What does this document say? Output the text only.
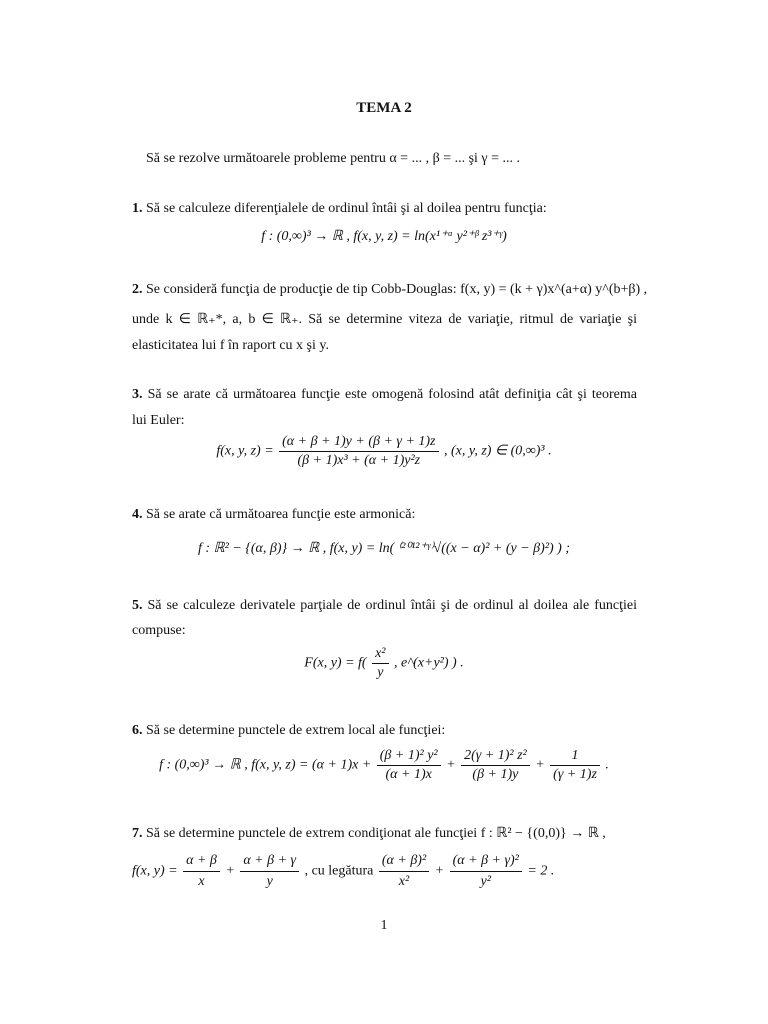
TEMA 2
Să se rezolve următoarele probleme pentru α = ... , β = ... şi γ = ... .
1. Să se calculeze diferenţialele de ordinul întâi şi al doilea pentru funcţia:
f : (0,∞)³ → ℝ , f(x, y, z) = ln(x¹⁺ᵅ y²⁺ᵝ z³⁺ᵞ)
2. Se consideră funcţia de producţie de tip Cobb-Douglas: f(x, y) = (k + γ)x^(a+α) y^(b+β) ,
unde k ∈ ℝ₊*, a, b ∈ ℝ₊. Să se determine viteza de variaţie, ritmul de variaţie şi
elasticitatea lui f în raport cu x şi y.
3. Să se arate că următoarea funcţie este omogenă folosind atât definiţia cât şi teorema
lui Euler:
f(x, y, $z) = \frac{(\alpha + \beta + 1)y + (\beta + \gamma + 1)z}{\text{(β + 1)x³ + (α + 1)y²z}}$ , (x, y, z) ∈ (0,∞)³ .
4. Să se arate că următoarea funcţie este armonică:
f : ℝ² − {(α, β)} → ℝ , f(x, y) = ln( ⁽²⁰¹²⁺ᵞ⁾√((x − α)² + (y − β)²) ) ;
5. Să se calculeze derivatele parţiale de ordinul întâi şi de ordinul al doilea ale funcţiei
compuse:
F(x, $y) = f( \frac{\text{x²}}{y}$ , e^(x+y²) ) .
6. Să se determine punctele de extrem local ale funcţiei:
f : (0,∞)³ → ℝ , f(x, y, $z) = (\alpha + 1)x + \frac{\text{(β + 1)² y²}}{(\alpha + 1)x} + \frac{\text{2(γ + 1)² z²}}{(\beta + 1)y} + \frac{1}{(\gamma + 1)z}$ .
7. Să se determine punctele de extrem condiţionat ale funcţiei f : ℝ² − {(0,0)} → ℝ ,
f(x, $y) = \frac{\alpha + \beta}{x} + \frac{\alpha + \beta + \gamma}{y}$ , cu legătura $\frac{\text{(α + β)²}}{\text{x²}} + \frac{\text{(α + β + γ)²}}{\text{y²}} = 2$ .
1
